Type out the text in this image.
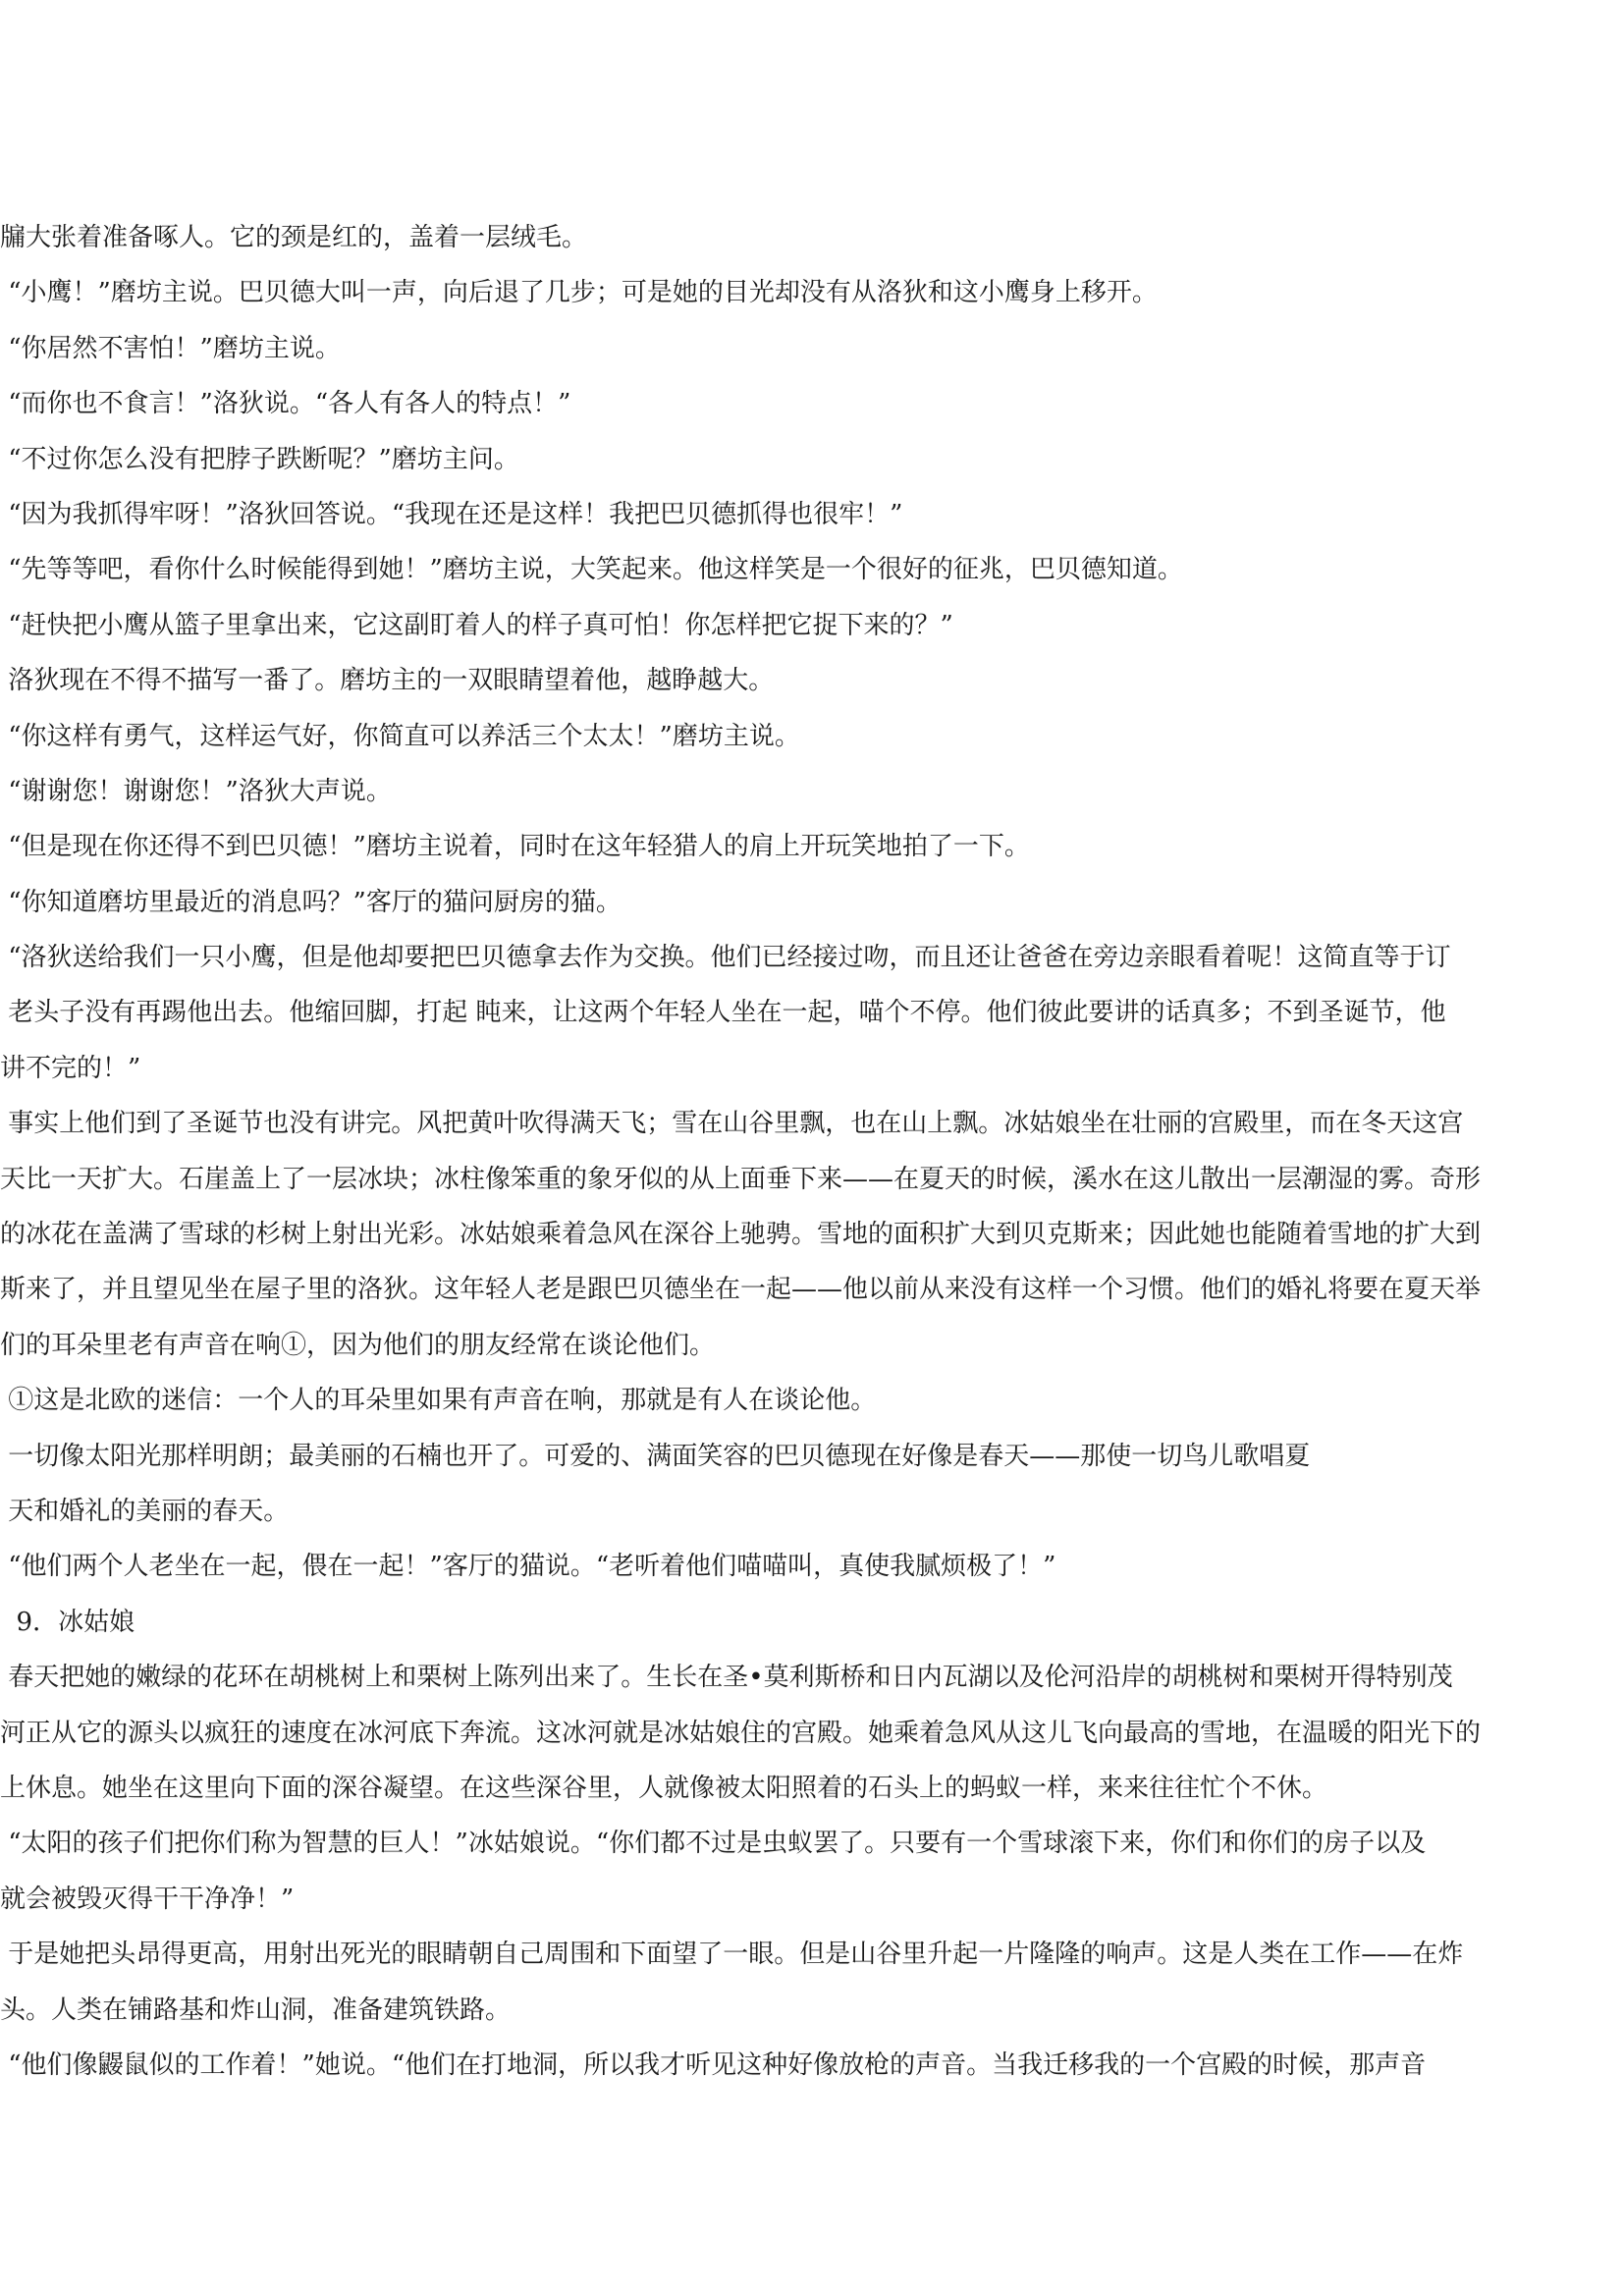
牖大张着准备啄人。它的颈是红的，盖着一层绒毛。
“小鹰！”磨坊主说。巴贝德大叫一声，向后退了几步；可是她的目光却没有从洛狄和这小鹰身上移开。
“你居然不害怕！”磨坊主说。
“而你也不食言！”洛狄说。“各人有各人的特点！”
“不过你怎么没有把脖子跌断呢？”磨坊主问。
“因为我抓得牢呀！”洛狄回答说。“我现在还是这样！我把巴贝德抓得也很牢！”
“先等等吧，看你什么时候能得到她！”磨坊主说，大笑起来。他这样笑是一个很好的征兆，巴贝德知道。
“赶快把小鹰从篮子里拿出来，它这副盯着人的样子真可怕！你怎样把它捉下来的？”
洛狄现在不得不描写一番了。磨坊主的一双眼睛望着他，越睁越大。
“你这样有勇气，这样运气好，你简直可以养活三个太太！”磨坊主说。
“谢谢您！谢谢您！”洛狄大声说。
“但是现在你还得不到巴贝德！”磨坊主说着，同时在这年轻猎人的肩上开玩笑地拍了一下。
“你知道磨坊里最近的消息吗？”客厅的猫问厨房的猫。
“洛狄送给我们一只小鹰，但是他却要把巴贝德拿去作为交换。他们已经接过吻，而且还让爸爸在旁边亲眼看着呢！这简直等于订
老头子没有再踢他出去。他缩回脚，打起 盹来，让这两个年轻人坐在一起，喵个不停。他们彼此要讲的话真多；不到圣诞节，他
讲不完的！”
事实上他们到了圣诞节也没有讲完。风把黄叶吹得满天飞；雪在山谷里飘，也在山上飘。冰姑娘坐在壮丽的宫殿里，而在冬天这宫
天比一天扩大。石崖盖上了一层冰块；冰柱像笨重的象牙似的从上面垂下来——在夏天的时候，溪水在这儿散出一层潮湿的雾。奇形
的冰花在盖满了雪球的杉树上射出光彩。冰姑娘乘着急风在深谷上驰骋。雪地的面积扩大到贝克斯来；因此她也能随着雪地的扩大到
斯来了，并且望见坐在屋子里的洛狄。这年轻人老是跟巴贝德坐在一起——他以前从来没有这样一个习惯。他们的婚礼将要在夏天举
们的耳朵里老有声音在响①，因为他们的朋友经常在谈论他们。
①这是北欧的迷信：一个人的耳朵里如果有声音在响，那就是有人在谈论他。
一切像太阳光那样明朗；最美丽的石楠也开了。可爱的、满面笑容的巴贝德现在好像是春天——那使一切鸟儿歌唱夏
天和婚礼的美丽的春天。
“他们两个人老坐在一起，偎在一起！”客厅的猫说。“老听着他们喵喵叫，真使我腻烦极了！”
9．冰姑娘
春天把她的嫩绿的花环在胡桃树上和栗树上陈列出来了。生长在圣•莫利斯桥和日内瓦湖以及伦河沿岸的胡桃树和栗树开得特别茂
河正从它的源头以疯狂的速度在冰河底下奔流。这冰河就是冰姑娘住的宫殿。她乘着急风从这儿飞向最高的雪地，在温暖的阳光下的
上休息。她坐在这里向下面的深谷凝望。在这些深谷里，人就像被太阳照着的石头上的蚂蚁一样，来来往往忙个不休。
“太阳的孩子们把你们称为智慧的巨人！”冰姑娘说。“你们都不过是虫蚁罢了。只要有一个雪球滚下来，你们和你们的房子以及
就会被毁灭得干干净净！”
于是她把头昂得更高，用射出死光的眼睛朝自己周围和下面望了一眼。但是山谷里升起一片隆隆的响声。这是人类在工作——在炸
头。人类在铺路基和炸山洞，准备建筑铁路。
“他们像鼹鼠似的工作着！”她说。“他们在打地洞，所以我才听见这种好像放枪的声音。当我迁移我的一个宫殿的时候，那声音
